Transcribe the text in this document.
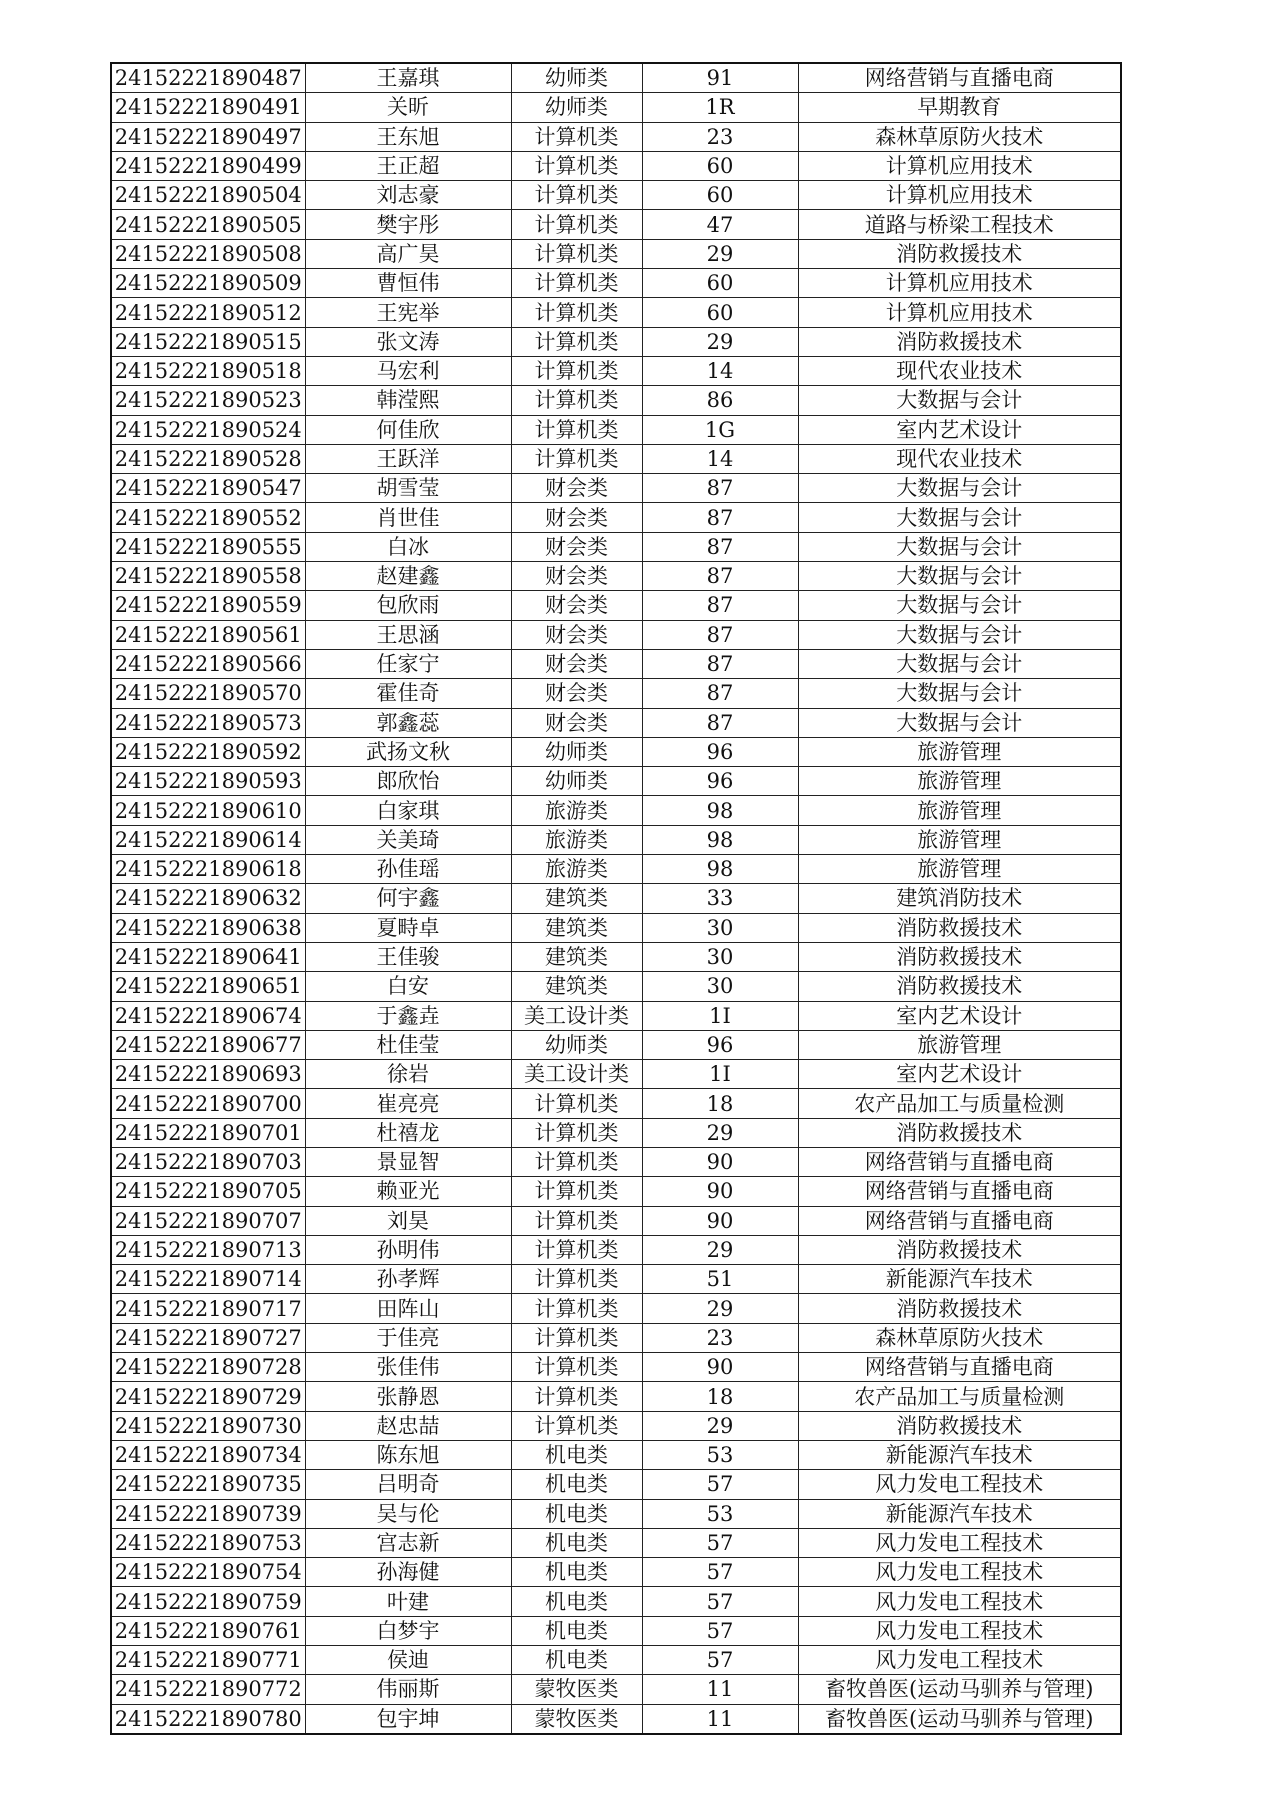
24152221890487	王嘉琪	幼师类	91	网络营销与直播电商
24152221890491	关昕	幼师类	1R	早期教育
24152221890497	王东旭	计算机类	23	森林草原防火技术
24152221890499	王正超	计算机类	60	计算机应用技术
24152221890504	刘志豪	计算机类	60	计算机应用技术
24152221890505	樊宇彤	计算机类	47	道路与桥梁工程技术
24152221890508	高广昊	计算机类	29	消防救援技术
24152221890509	曹恒伟	计算机类	60	计算机应用技术
24152221890512	王宪举	计算机类	60	计算机应用技术
24152221890515	张文涛	计算机类	29	消防救援技术
24152221890518	马宏利	计算机类	14	现代农业技术
24152221890523	韩滢熙	计算机类	86	大数据与会计
24152221890524	何佳欣	计算机类	1G	室内艺术设计
24152221890528	王跃洋	计算机类	14	现代农业技术
24152221890547	胡雪莹	财会类	87	大数据与会计
24152221890552	肖世佳	财会类	87	大数据与会计
24152221890555	白冰	财会类	87	大数据与会计
24152221890558	赵建鑫	财会类	87	大数据与会计
24152221890559	包欣雨	财会类	87	大数据与会计
24152221890561	王思涵	财会类	87	大数据与会计
24152221890566	任家宁	财会类	87	大数据与会计
24152221890570	霍佳奇	财会类	87	大数据与会计
24152221890573	郭鑫蕊	财会类	87	大数据与会计
24152221890592	武扬文秋	幼师类	96	旅游管理
24152221890593	郎欣怡	幼师类	96	旅游管理
24152221890610	白家琪	旅游类	98	旅游管理
24152221890614	关美琦	旅游类	98	旅游管理
24152221890618	孙佳瑶	旅游类	98	旅游管理
24152221890632	何宇鑫	建筑类	33	建筑消防技术
24152221890638	夏畤卓	建筑类	30	消防救援技术
24152221890641	王佳骏	建筑类	30	消防救援技术
24152221890651	白安	建筑类	30	消防救援技术
24152221890674	于鑫垚	美工设计类	1I	室内艺术设计
24152221890677	杜佳莹	幼师类	96	旅游管理
24152221890693	徐岩	美工设计类	1I	室内艺术设计
24152221890700	崔亮亮	计算机类	18	农产品加工与质量检测
24152221890701	杜禧龙	计算机类	29	消防救援技术
24152221890703	景显智	计算机类	90	网络营销与直播电商
24152221890705	赖亚光	计算机类	90	网络营销与直播电商
24152221890707	刘昊	计算机类	90	网络营销与直播电商
24152221890713	孙明伟	计算机类	29	消防救援技术
24152221890714	孙孝辉	计算机类	51	新能源汽车技术
24152221890717	田阵山	计算机类	29	消防救援技术
24152221890727	于佳亮	计算机类	23	森林草原防火技术
24152221890728	张佳伟	计算机类	90	网络营销与直播电商
24152221890729	张静恩	计算机类	18	农产品加工与质量检测
24152221890730	赵忠喆	计算机类	29	消防救援技术
24152221890734	陈东旭	机电类	53	新能源汽车技术
24152221890735	吕明奇	机电类	57	风力发电工程技术
24152221890739	吴与伦	机电类	53	新能源汽车技术
24152221890753	宫志新	机电类	57	风力发电工程技术
24152221890754	孙海健	机电类	57	风力发电工程技术
24152221890759	叶建	机电类	57	风力发电工程技术
24152221890761	白梦宇	机电类	57	风力发电工程技术
24152221890771	侯迪	机电类	57	风力发电工程技术
24152221890772	伟丽斯	蒙牧医类	11	畜牧兽医(运动马驯养与管理)
24152221890780	包宇坤	蒙牧医类	11	畜牧兽医(运动马驯养与管理)
